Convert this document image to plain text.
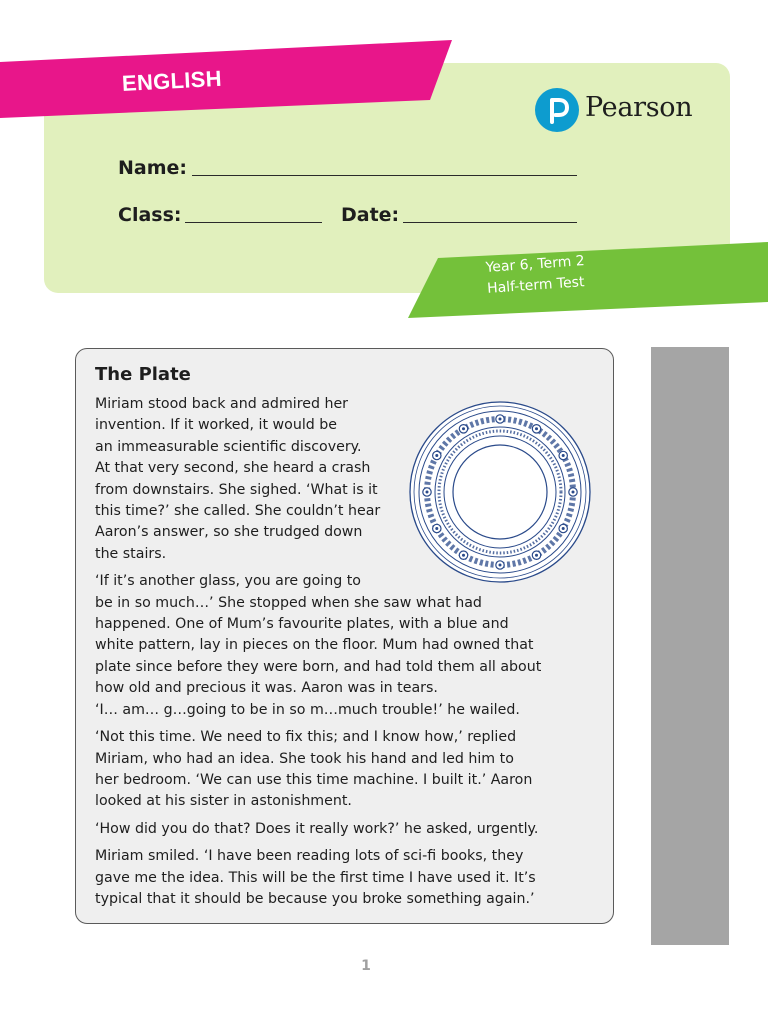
ENGLISH
Pearson
Name:
Class:	Date:
Year 6, Term 2
Half-term Test
The Plate
Miriam stood back and admired her
invention. If it worked, it would be
an immeasurable scientific discovery.
At that very second, she heard a crash
from downstairs. She sighed. ‘What is it
this time?’ she called. She couldn’t hear
Aaron’s answer, so she trudged down
the stairs.
‘If it’s another glass, you are going to
be in so much…’ She stopped when she saw what had
happened. One of Mum’s favourite plates, with a blue and
white pattern, lay in pieces on the floor. Mum had owned that
plate since before they were born, and had told them all about
how old and precious it was. Aaron was in tears.
‘I… am… g…going to be in so m…much trouble!’ he wailed.
‘Not this time. We need to fix this; and I know how,’ replied
Miriam, who had an idea. She took his hand and led him to
her bedroom. ‘We can use this time machine. I built it.’ Aaron
looked at his sister in astonishment.
‘How did you do that? Does it really work?’ he asked, urgently.
Miriam smiled. ‘I have been reading lots of sci-fi books, they
gave me the idea. This will be the first time I have used it. It’s
typical that it should be because you broke something again.’
1
